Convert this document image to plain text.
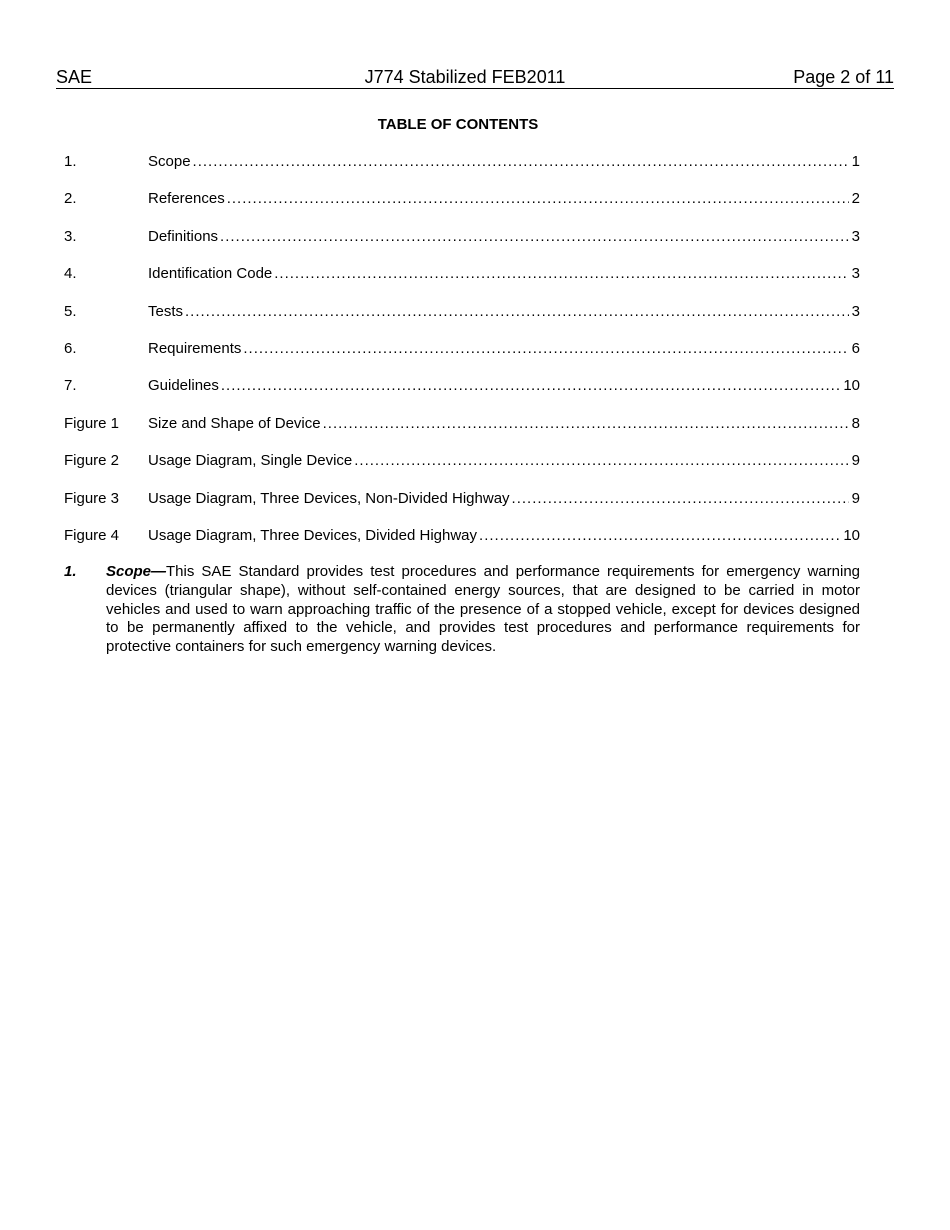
SAE	J774 Stabilized FEB2011	Page 2 of 11
TABLE OF CONTENTS
1.	Scope .....	1
2.	References .....	2
3.	Definitions .....	3
4.	Identification Code .....	3
5.	Tests .....	3
6.	Requirements .....	6
7.	Guidelines .....	10
Figure 1	Size and Shape of Device .....	8
Figure 2	Usage Diagram, Single Device .....	9
Figure 3	Usage Diagram, Three Devices, Non-Divided Highway .....	9
Figure 4	Usage Diagram, Three Devices, Divided Highway .....	10
1. Scope—This SAE Standard provides test procedures and performance requirements for emergency warning devices (triangular shape), without self-contained energy sources, that are designed to be carried in motor vehicles and used to warn approaching traffic of the presence of a stopped vehicle, except for devices designed to be permanently affixed to the vehicle, and provides test procedures and performance requirements for protective containers for such emergency warning devices.
